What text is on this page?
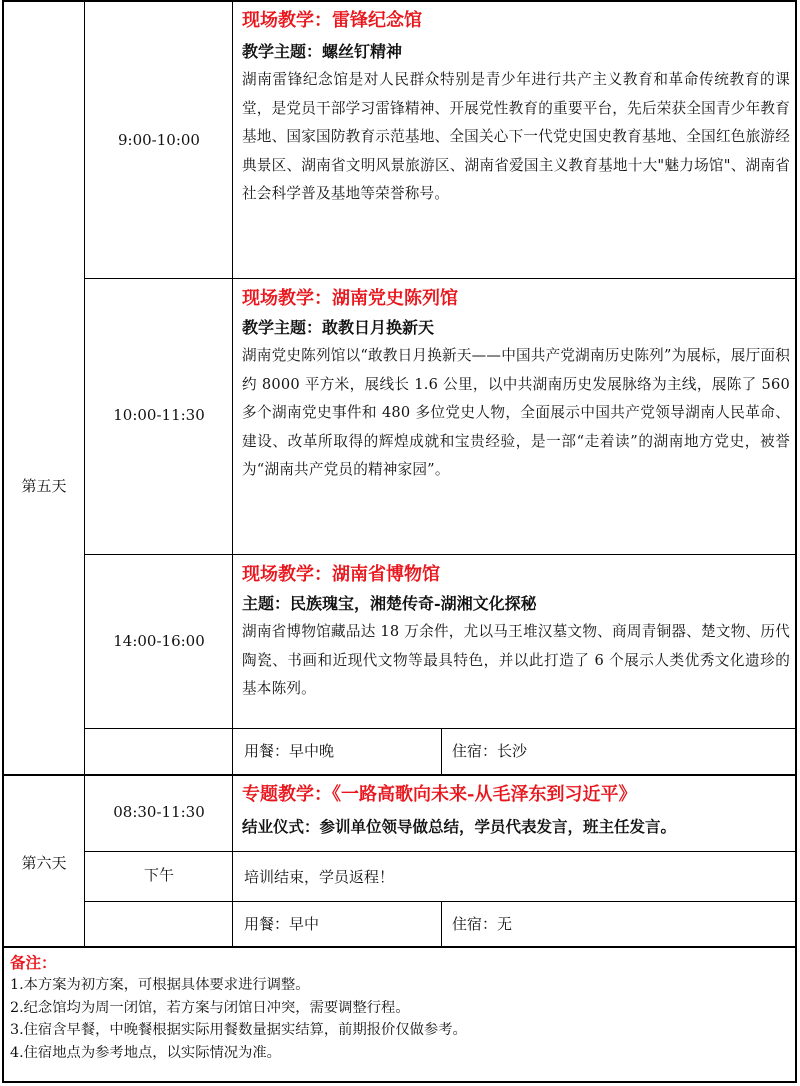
第五天
9:00-10:00
现场教学：雷锋纪念馆
教学主题：螺丝钉精神
湖南雷锋纪念馆是对人民群众特别是青少年进行共产主义教育和革命传统教育的课堂，是党员干部学习雷锋精神、开展党性教育的重要平台，先后荣获全国青少年教育基地、国家国防教育示范基地、全国关心下一代党史国史教育基地、全国红色旅游经典景区、湖南省文明风景旅游区、湖南省爱国主义教育基地十大"魅力场馆"、湖南省社会科学普及基地等荣誉称号。
10:00-11:30
现场教学：湖南党史陈列馆
教学主题：敢教日月换新天
湖南党史陈列馆以“敢教日月换新天——中国共产党湖南历史陈列”为展标，展厅面积约 8000 平方米，展线长 1.6 公里，以中共湖南历史发展脉络为主线，展陈了 560 多个湖南党史事件和 480 多位党史人物，全面展示中国共产党领导湖南人民革命、建设、改革所取得的辉煌成就和宝贵经验，是一部“走着读”的湖南地方党史，被誉为“湖南共产党员的精神家园”。
14:00-16:00
现场教学：湖南省博物馆
主题：民族瑰宝，湘楚传奇-湖湘文化探秘
湖南省博物馆藏品达 18 万余件，尤以马王堆汉墓文物、商周青铜器、楚文物、历代陶瓷、书画和近现代文物等最具特色，并以此打造了 6 个展示人类优秀文化遗珍的基本陈列。
用餐：早中晚	住宿：长沙
第六天
08:30-11:30
专题教学：《一路高歌向未来-从毛泽东到习近平》
结业仪式：参训单位领导做总结，学员代表发言，班主任发言。
下午	培训结束，学员返程！
用餐：早中	住宿：无
备注：
1.本方案为初方案，可根据具体要求进行调整。
2.纪念馆均为周一闭馆，若方案与闭馆日冲突，需要调整行程。
3.住宿含早餐，中晚餐根据实际用餐数量据实结算，前期报价仅做参考。
4.住宿地点为参考地点，以实际情况为准。
